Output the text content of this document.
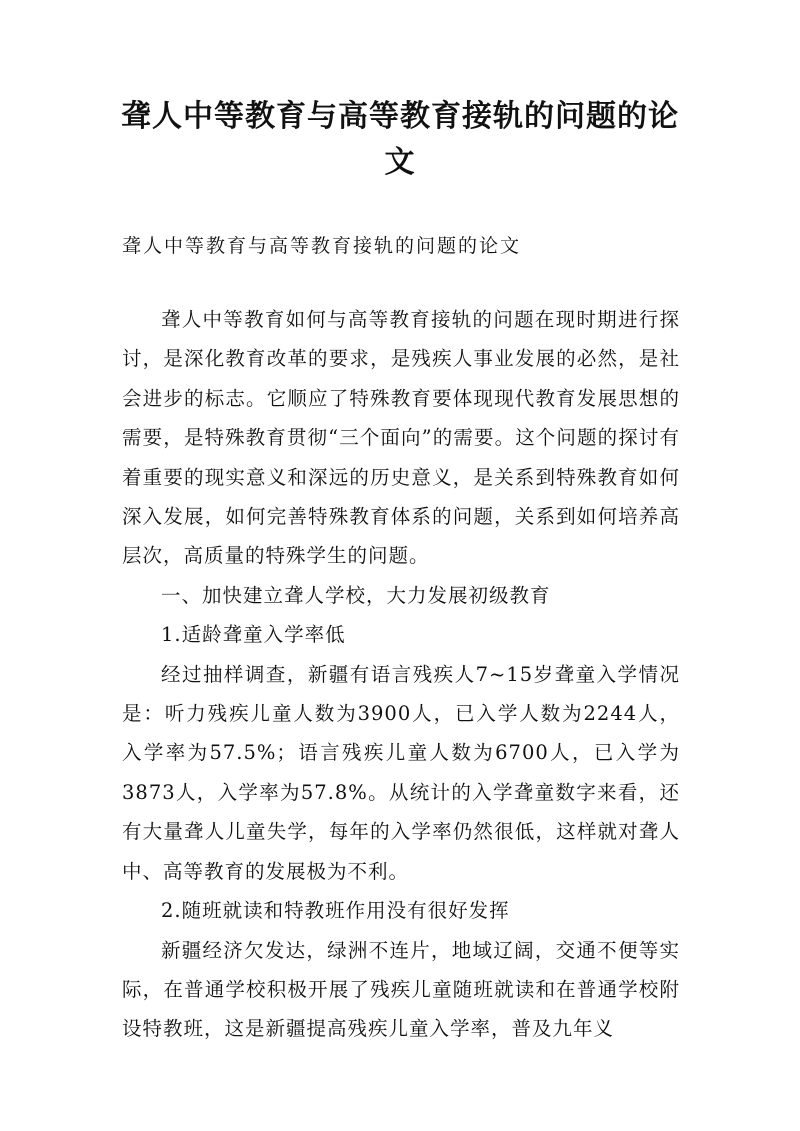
聋人中等教育与高等教育接轨的问题的论文

聋人中等教育与高等教育接轨的问题的论文

聋人中等教育如何与高等教育接轨的问题在现时期进行探讨，是深化教育改革的要求，是残疾人事业发展的必然，是社会进步的标志。它顺应了特殊教育要体现现代教育发展思想的需要，是特殊教育贯彻“三个面向”的需要。这个问题的探讨有着重要的现实意义和深远的历史意义，是关系到特殊教育如何深入发展，如何完善特殊教育体系的问题，关系到如何培养高层次，高质量的特殊学生的问题。

一、加快建立聋人学校，大力发展初级教育

1.适龄聋童入学率低

经过抽样调查，新疆有语言残疾人7~15岁聋童入学情况是：听力残疾儿童人数为3900人，已入学人数为2244人，入学率为57.5%；语言残疾儿童人数为6700人，已入学为3873人，入学率为57.8%。从统计的入学聋童数字来看，还有大量聋人儿童失学，每年的入学率仍然很低，这样就对聋人中、高等教育的发展极为不利。

2.随班就读和特教班作用没有很好发挥

新疆经济欠发达，绿洲不连片，地域辽阔，交通不便等实际，在普通学校积极开展了残疾儿童随班就读和在普通学校附设特教班，这是新疆提高残疾儿童入学率，普及九年义
